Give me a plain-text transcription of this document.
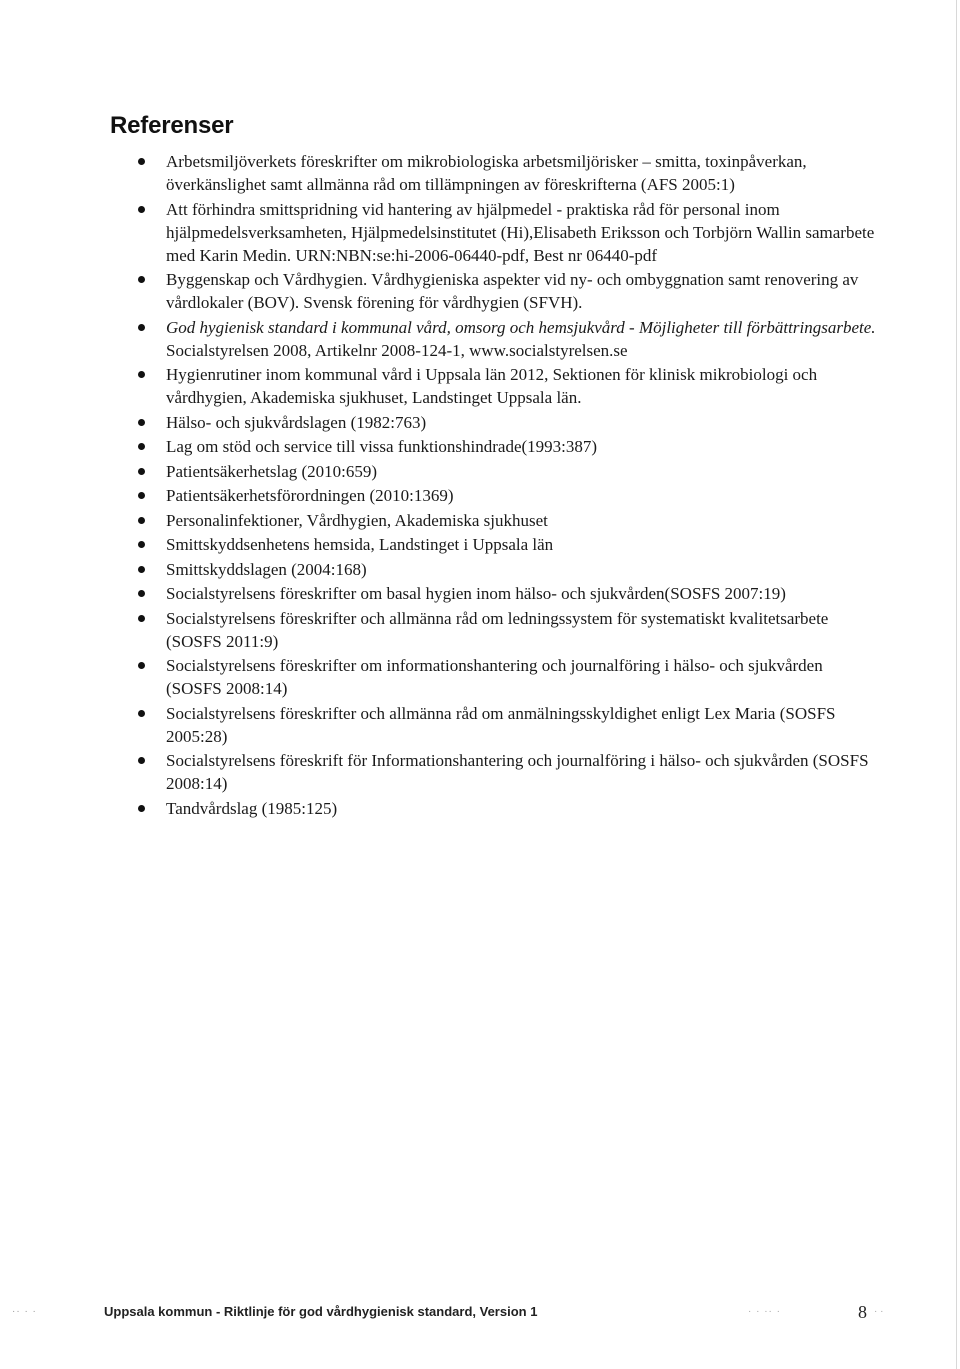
Referenser
Arbetsmiljöverkets föreskrifter om mikrobiologiska arbetsmiljörisker – smitta, toxinpåverkan, överkänslighet samt allmänna råd om tillämpningen av föreskrifterna (AFS 2005:1)
Att förhindra smittspridning vid hantering av hjälpmedel - praktiska råd för personal inom hjälpmedelsverksamheten, Hjälpmedelsinstitutet (Hi),Elisabeth Eriksson och Torbjörn Wallin samarbete med Karin Medin. URN:NBN:se:hi-2006-06440-pdf, Best nr 06440-pdf
Byggenskap och Vårdhygien. Vårdhygieniska aspekter vid ny- och ombyggnation samt renovering av vårdlokaler (BOV). Svensk förening för vårdhygien (SFVH).
God hygienisk standard i kommunal vård, omsorg och hemsjukvård - Möjligheter till förbättringsarbete. Socialstyrelsen 2008, Artikelnr 2008-124-1, www.socialstyrelsen.se
Hygienrutiner inom kommunal vård i Uppsala län 2012, Sektionen för klinisk mikrobiologi och vårdhygien, Akademiska sjukhuset, Landstinget Uppsala län.
Hälso- och sjukvårdslagen (1982:763)
Lag om stöd och service till vissa funktionshindrade(1993:387)
Patientsäkerhetslag (2010:659)
Patientsäkerhetsförordningen (2010:1369)
Personalinfektioner, Vårdhygien, Akademiska sjukhuset
Smittskyddsenhetens hemsida, Landstinget i Uppsala län
Smittskyddslagen (2004:168)
Socialstyrelsens föreskrifter om basal hygien inom hälso- och sjukvården(SOSFS 2007:19)
Socialstyrelsens föreskrifter och allmänna råd om ledningssystem för systematiskt kvalitetsarbete (SOSFS 2011:9)
Socialstyrelsens föreskrifter om informationshantering och journalföring i hälso- och sjukvården (SOSFS 2008:14)
Socialstyrelsens föreskrifter och allmänna råd om anmälningsskyldighet enligt Lex Maria (SOSFS 2005:28)
Socialstyrelsens föreskrift för Informationshantering och journalföring i hälso- och sjukvården (SOSFS 2008:14)
Tandvårdslag (1985:125)
·· · ·	Uppsala kommun - Riktlinje för god vårdhygienisk standard, Version 1	· · ·· ·	8 · ·
